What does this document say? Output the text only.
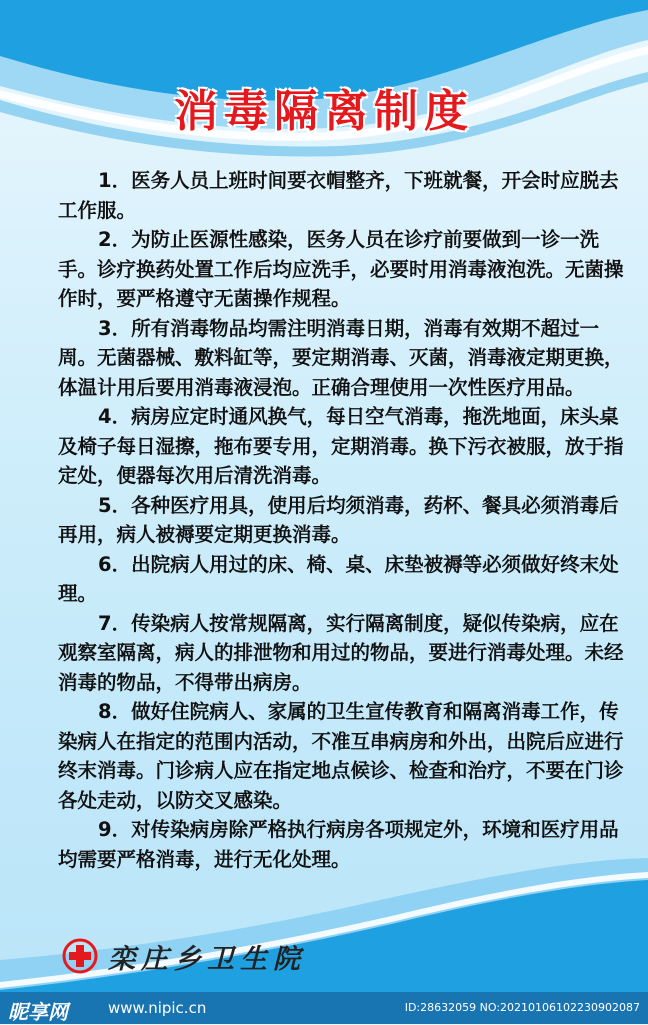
消毒隔离制度

1．医务人员上班时间要衣帽整齐，下班就餐，开会时应脱去工作服。

2．为防止医源性感染，医务人员在诊疗前要做到一诊一洗手。诊疗换药处置工作后均应洗手，必要时用消毒液泡洗。无菌操作时，要严格遵守无菌操作规程。

3．所有消毒物品均需注明消毒日期，消毒有效期不超过一周。无菌器械、敷料缸等，要定期消毒、灭菌，消毒液定期更换，体温计用后要用消毒液浸泡。正确合理使用一次性医疗用品。

4．病房应定时通风换气，每日空气消毒，拖洗地面，床头桌及椅子每日湿擦，拖布要专用，定期消毒。换下污衣被服，放于指定处，便器每次用后清洗消毒。

5．各种医疗用具，使用后均须消毒，药杯、餐具必须消毒后再用，病人被褥要定期更换消毒。

6．出院病人用过的床、椅、桌、床垫被褥等必须做好终末处理。

7．传染病人按常规隔离，实行隔离制度，疑似传染病，应在观察室隔离，病人的排泄物和用过的物品，要进行消毒处理。未经消毒的物品，不得带出病房。

8．做好住院病人、家属的卫生宣传教育和隔离消毒工作，传染病人在指定的范围内活动，不准互串病房和外出，出院后应进行终末消毒。门诊病人应在指定地点候诊、检查和治疗，不要在门诊各处走动，以防交叉感染。

9．对传染病房除严格执行病房各项规定外，环境和医疗用品均需要严格消毒，进行无化处理。

栾庄乡卫生院
昵享网	www.nipic.cn	ID:28632059 NO:20210106102230902087
